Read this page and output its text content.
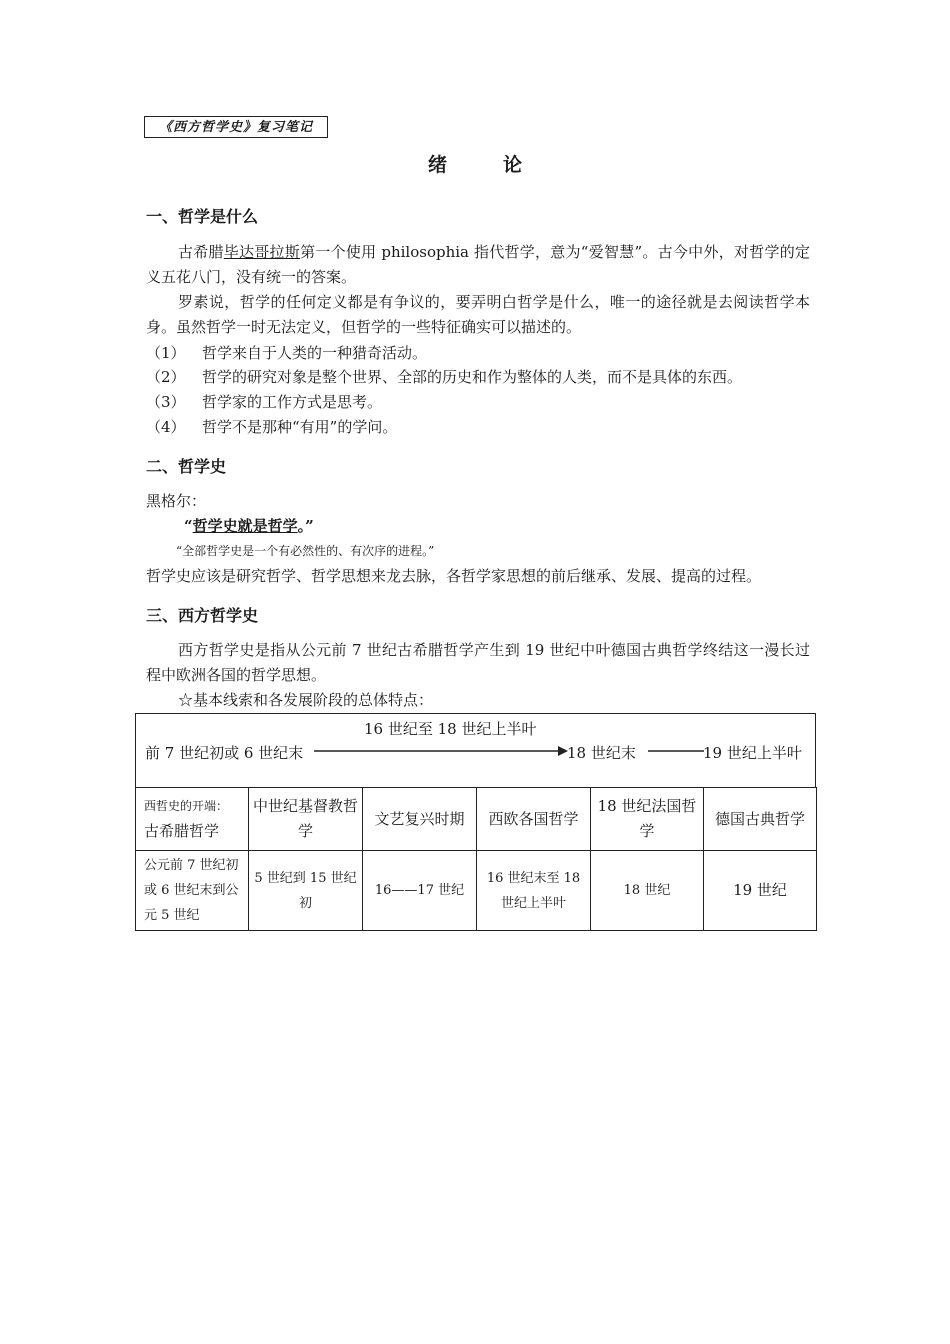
《西方哲学史》复习笔记
绪	论
一、哲学是什么
古希腊毕达哥拉斯第一个使用 philosophia 指代哲学，意为“爱智慧”。古今中外，对哲学的定义五花八门，没有统一的答案。
罗素说，哲学的任何定义都是有争议的，要弄明白哲学是什么，唯一的途径就是去阅读哲学本身。虽然哲学一时无法定义，但哲学的一些特征确实可以描述的。
（1） 哲学来自于人类的一种猎奇活动。
（2） 哲学的研究对象是整个世界、全部的历史和作为整体的人类，而不是具体的东西。
（3） 哲学家的工作方式是思考。
（4） 哲学不是那种“有用”的学问。
二、哲学史
黑格尔：
“哲学史就是哲学。”
“全部哲学史是一个有必然性的、有次序的进程。”
哲学史应该是研究哲学、哲学思想来龙去脉，各哲学家思想的前后继承、发展、提高的过程。
三、西方哲学史
西方哲学史是指从公元前 7 世纪古希腊哲学产生到 19 世纪中叶德国古典哲学终结这一漫长过程中欧洲各国的哲学思想。
☆基本线索和各发展阶段的总体特点：
16 世纪至 18 世纪上半叶
前 7 世纪初或 6 世纪末	18 世纪末	19 世纪上半叶
西哲史的开端：
古希腊哲学	中世纪基督教哲学	文艺复兴时期	西欧各国哲学	18 世纪法国哲学	德国古典哲学
公元前 7 世纪初或 6 世纪末到公元 5 世纪	5 世纪到 15 世纪初	16——17 世纪	16 世纪末至 18 世纪上半叶	18 世纪	19 世纪
